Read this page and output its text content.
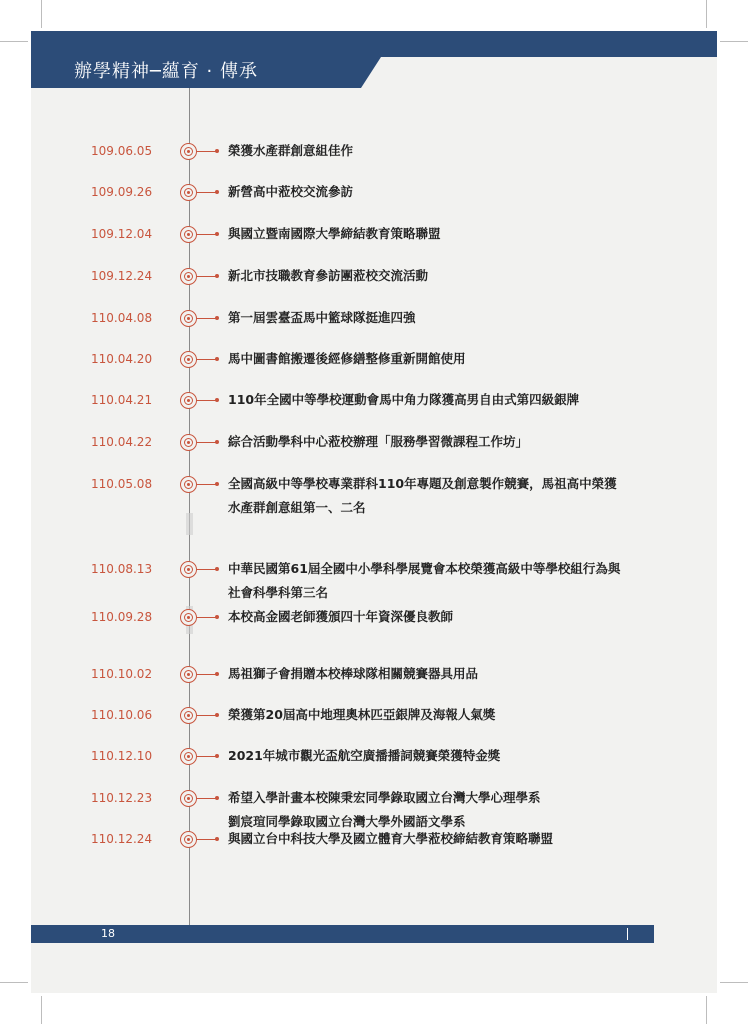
辦學精神─蘊育 · 傳承
109.06.05	榮獲水產群創意組佳作
109.09.26	新營高中蒞校交流參訪
109.12.04	與國立暨南國際大學締結教育策略聯盟
109.12.24	新北市技職教育參訪團蒞校交流活動
110.04.08	第一屆雲臺盃馬中籃球隊挺進四強
110.04.20	馬中圖書館搬遷後經修繕整修重新開館使用
110.04.21	110年全國中等學校運動會馬中角力隊獲高男自由式第四級銀牌
110.04.22	綜合活動學科中心蒞校辦理「服務學習微課程工作坊」
110.05.08	全國高級中等學校專業群科110年專題及創意製作競賽，馬祖高中榮獲
水產群創意組第一、二名
110.08.13	中華民國第61屆全國中小學科學展覽會本校榮獲高級中等學校組行為與
社會科學科第三名
110.09.28	本校高金國老師獲頒四十年資深優良教師
110.10.02	馬祖獅子會捐贈本校棒球隊相關競賽器具用品
110.10.06	榮獲第20屆高中地理奧林匹亞銀牌及海報人氣獎
110.12.10	2021年城市觀光盃航空廣播播詞競賽榮獲特金獎
110.12.23	希望入學計畫本校陳秉宏同學錄取國立台灣大學心理學系
劉宸瑄同學錄取國立台灣大學外國語文學系
110.12.24	與國立台中科技大學及國立體育大學蒞校締結教育策略聯盟
18
